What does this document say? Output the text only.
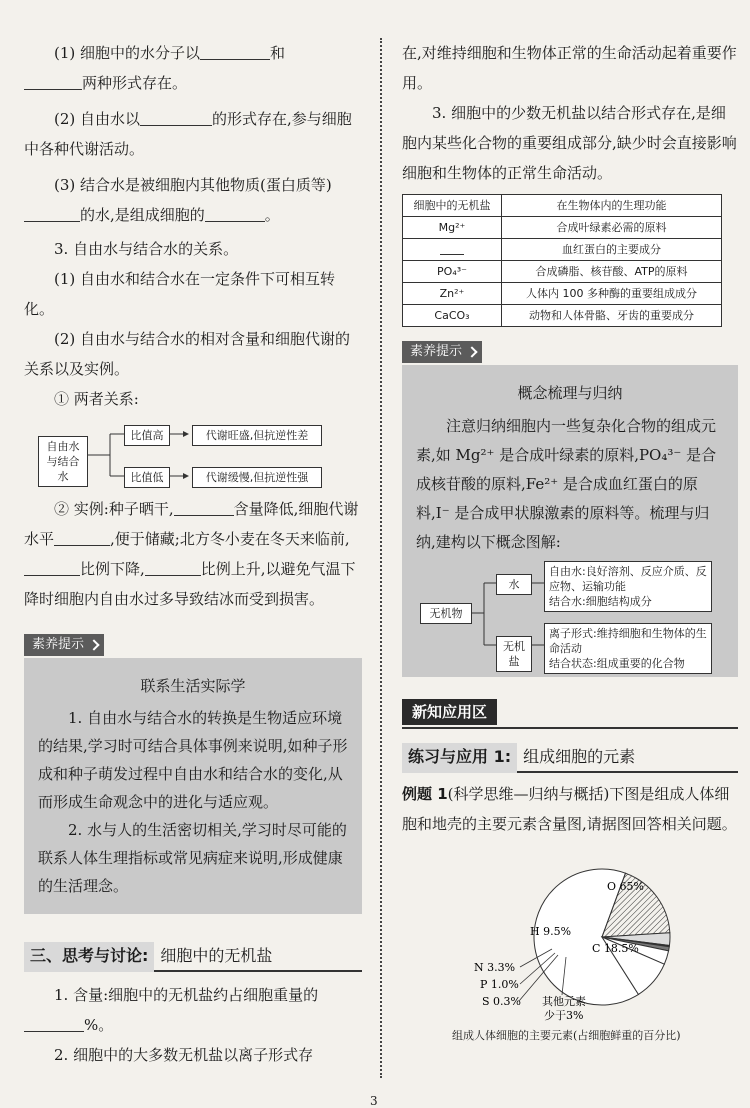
(1) 细胞中的水分子以	和
两种形式存在。

(2) 自由水以	的形式存在,参与细胞中各种代谢活动。

(3) 结合水是被细胞内其他物质(蛋白质等)
的水,是组成细胞的	。

3. 自由水与结合水的关系。

(1) 自由水和结合水在一定条件下可相互转化。

(2) 自由水与结合水的相对含量和细胞代谢的关系以及实例。

① 两者关系:

自由水与结合水
比值高
比值低
代谢旺盛,但抗逆性差
代谢缓慢,但抗逆性强

② 实例:种子晒干,	含量降低,细胞代谢水平	,便于储藏;北方冬小麦在冬天来临前,比例下降,	比例上升,以避免气温下降时细胞内自由水过多导致结冰而受到损害。

素养提示
联系生活实际学

1. 自由水与结合水的转换是生物适应环境的结果,学习时可结合具体事例来说明,如种子形成和种子萌发过程中自由水和结合水的变化,从而形成生命观念中的进化与适应观。

2. 水与人的生活密切相关,学习时尽可能的联系人体生理指标或常见病症来说明,形成健康的生活理念。

三、思考与讨论: 细胞中的无机盐

1. 含量:细胞中的无机盐约占细胞重量的
%。

2. 细胞中的大多数无机盐以离子形式存

在,对维持细胞和生物体正常的生命活动起着重要作用。

3. 细胞中的少数无机盐以结合形式存在,是细胞内某些化合物的重要组成部分,缺少时会直接影响细胞和生物体的正常生命活动。

细胞中的无机盐	在生物体内的生理功能
Mg²⁺	合成叶绿素必需的原料
	血红蛋白的主要成分
PO₄³⁻	合成磷脂、核苷酸、ATP的原料
Zn²⁺	人体内 100 多种酶的重要组成成分
CaCO₃	动物和人体骨骼、牙齿的重要成分
素养提示
概念梳理与归纳

注意归纳细胞内一些复杂化合物的组成元素,如 Mg²⁺ 是合成叶绿素的原料,PO₄³⁻ 是合成核苷酸的原料,Fe²⁺ 是合成血红蛋白的原料,I⁻ 是合成甲状腺激素的原料等。梳理与归纳,建构以下概念图解:

无机物
水
无机盐
自由水:良好溶剂、反应介质、反应物、运输功能
结合水:细胞结构成分
离子形式:维持细胞和生物体的生命活动
结合状态:组成重要的化合物
新知应用区
练习与应用 1: 组成细胞的元素

例题 1(科学思维—归纳与概括)下图是组成人体细胞和地壳的主要元素含量图,请据图回答相关问题。

O 65%
C 18.5%
H 9.5%
N 3.3%
P 1.0%
S 0.3% 其他元素
少于3%
组成人体细胞的主要元素(占细胞鲜重的百分比)
3
